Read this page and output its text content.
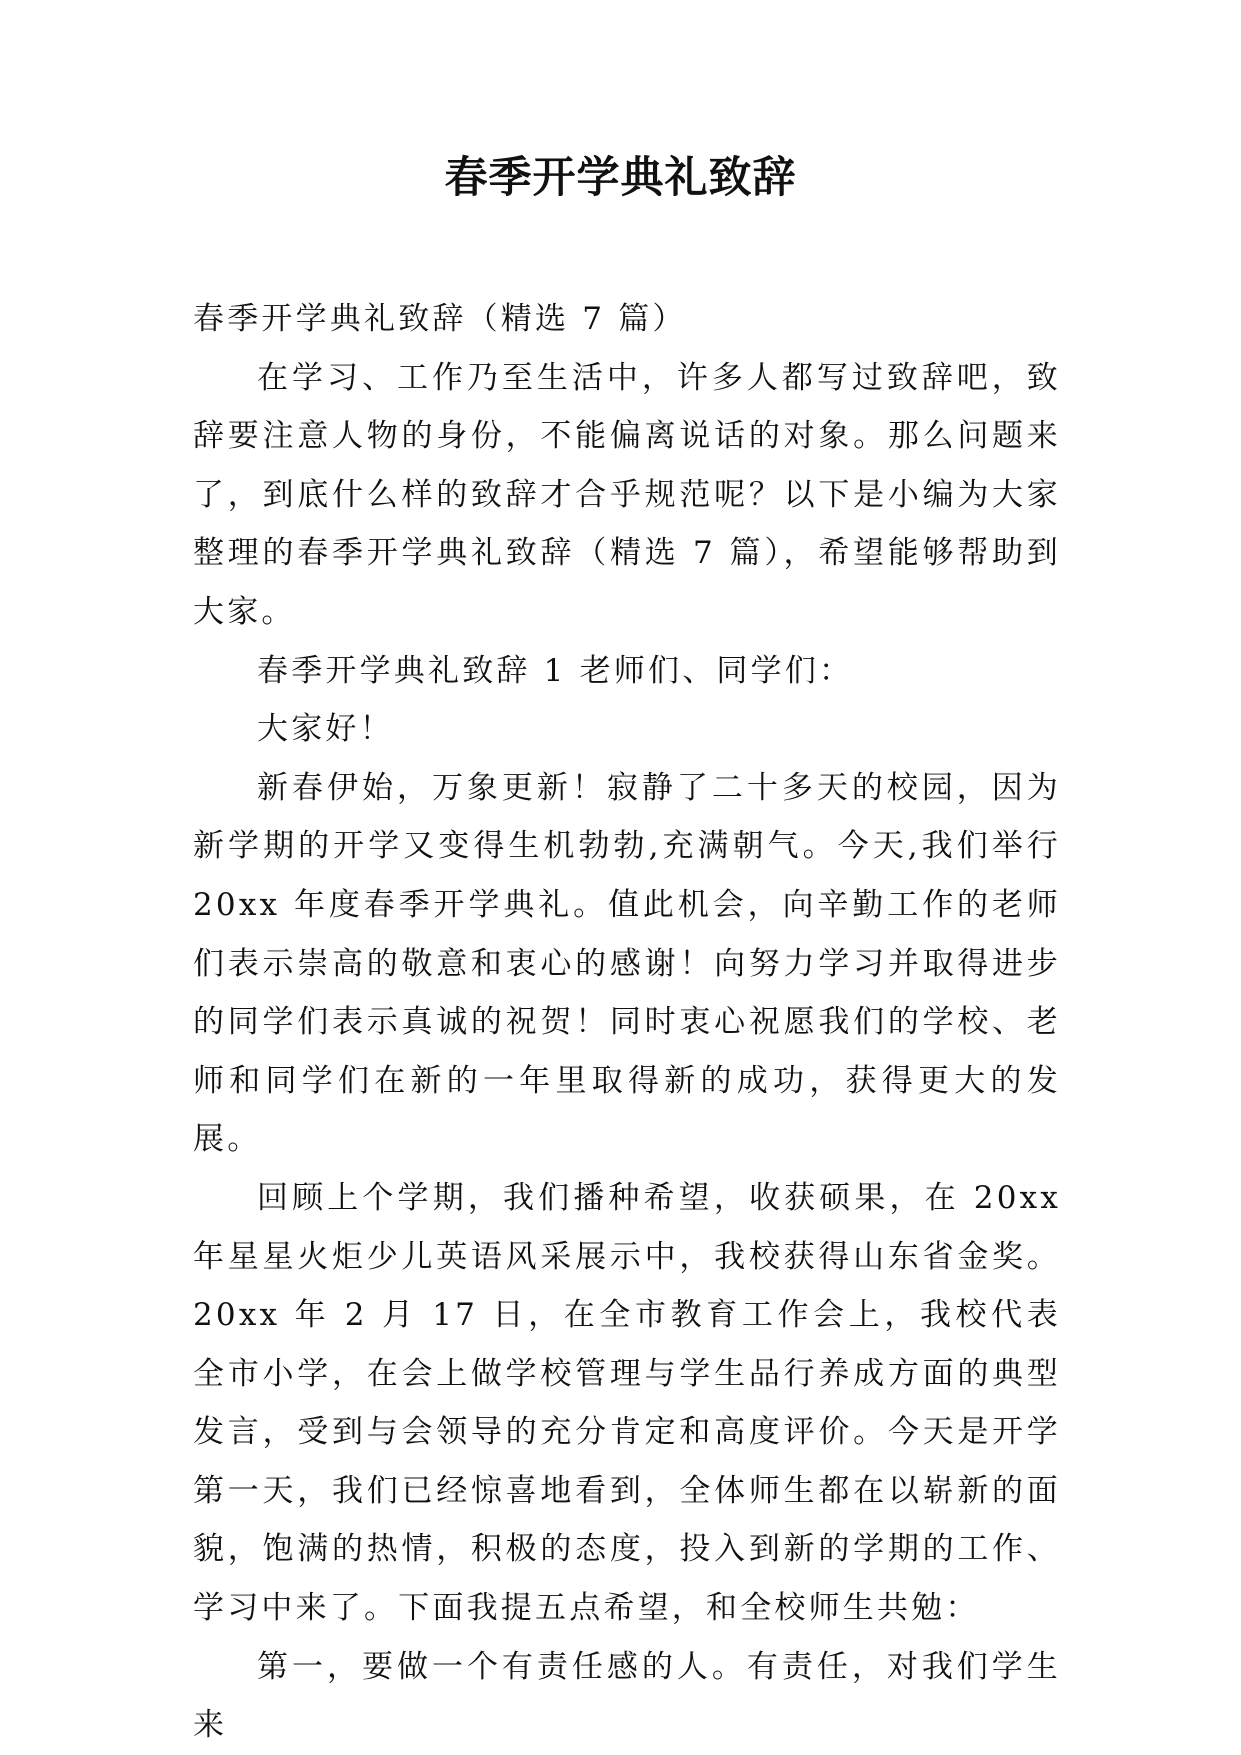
春季开学典礼致辞

春季开学典礼致辞（精选 7 篇）

在学习、工作乃至生活中，许多人都写过致辞吧，致辞要注意人物的身份，不能偏离说话的对象。那么问题来了，到底什么样的致辞才合乎规范呢？以下是小编为大家整理的春季开学典礼致辞（精选 7 篇），希望能够帮助到大家。

春季开学典礼致辞 1 老师们、同学们：

大家好！

新春伊始，万象更新！寂静了二十多天的校园，因为新学期的开学又变得生机勃勃,充满朝气。今天,我们举行 20xx 年度春季开学典礼。值此机会，向辛勤工作的老师们表示崇高的敬意和衷心的感谢！向努力学习并取得进步的同学们表示真诚的祝贺！同时衷心祝愿我们的学校、老师和同学们在新的一年里取得新的成功，获得更大的发展。

回顾上个学期，我们播种希望，收获硕果，在 20xx 年星星火炬少儿英语风采展示中，我校获得山东省金奖。20xx 年 2 月 17 日，在全市教育工作会上，我校代表全市小学，在会上做学校管理与学生品行养成方面的典型发言，受到与会领导的充分肯定和高度评价。今天是开学第一天，我们已经惊喜地看到，全体师生都在以崭新的面貌，饱满的热情，积极的态度，投入到新的学期的工作、学习中来了。下面我提五点希望，和全校师生共勉：

第一，要做一个有责任感的人。有责任，对我们学生来
